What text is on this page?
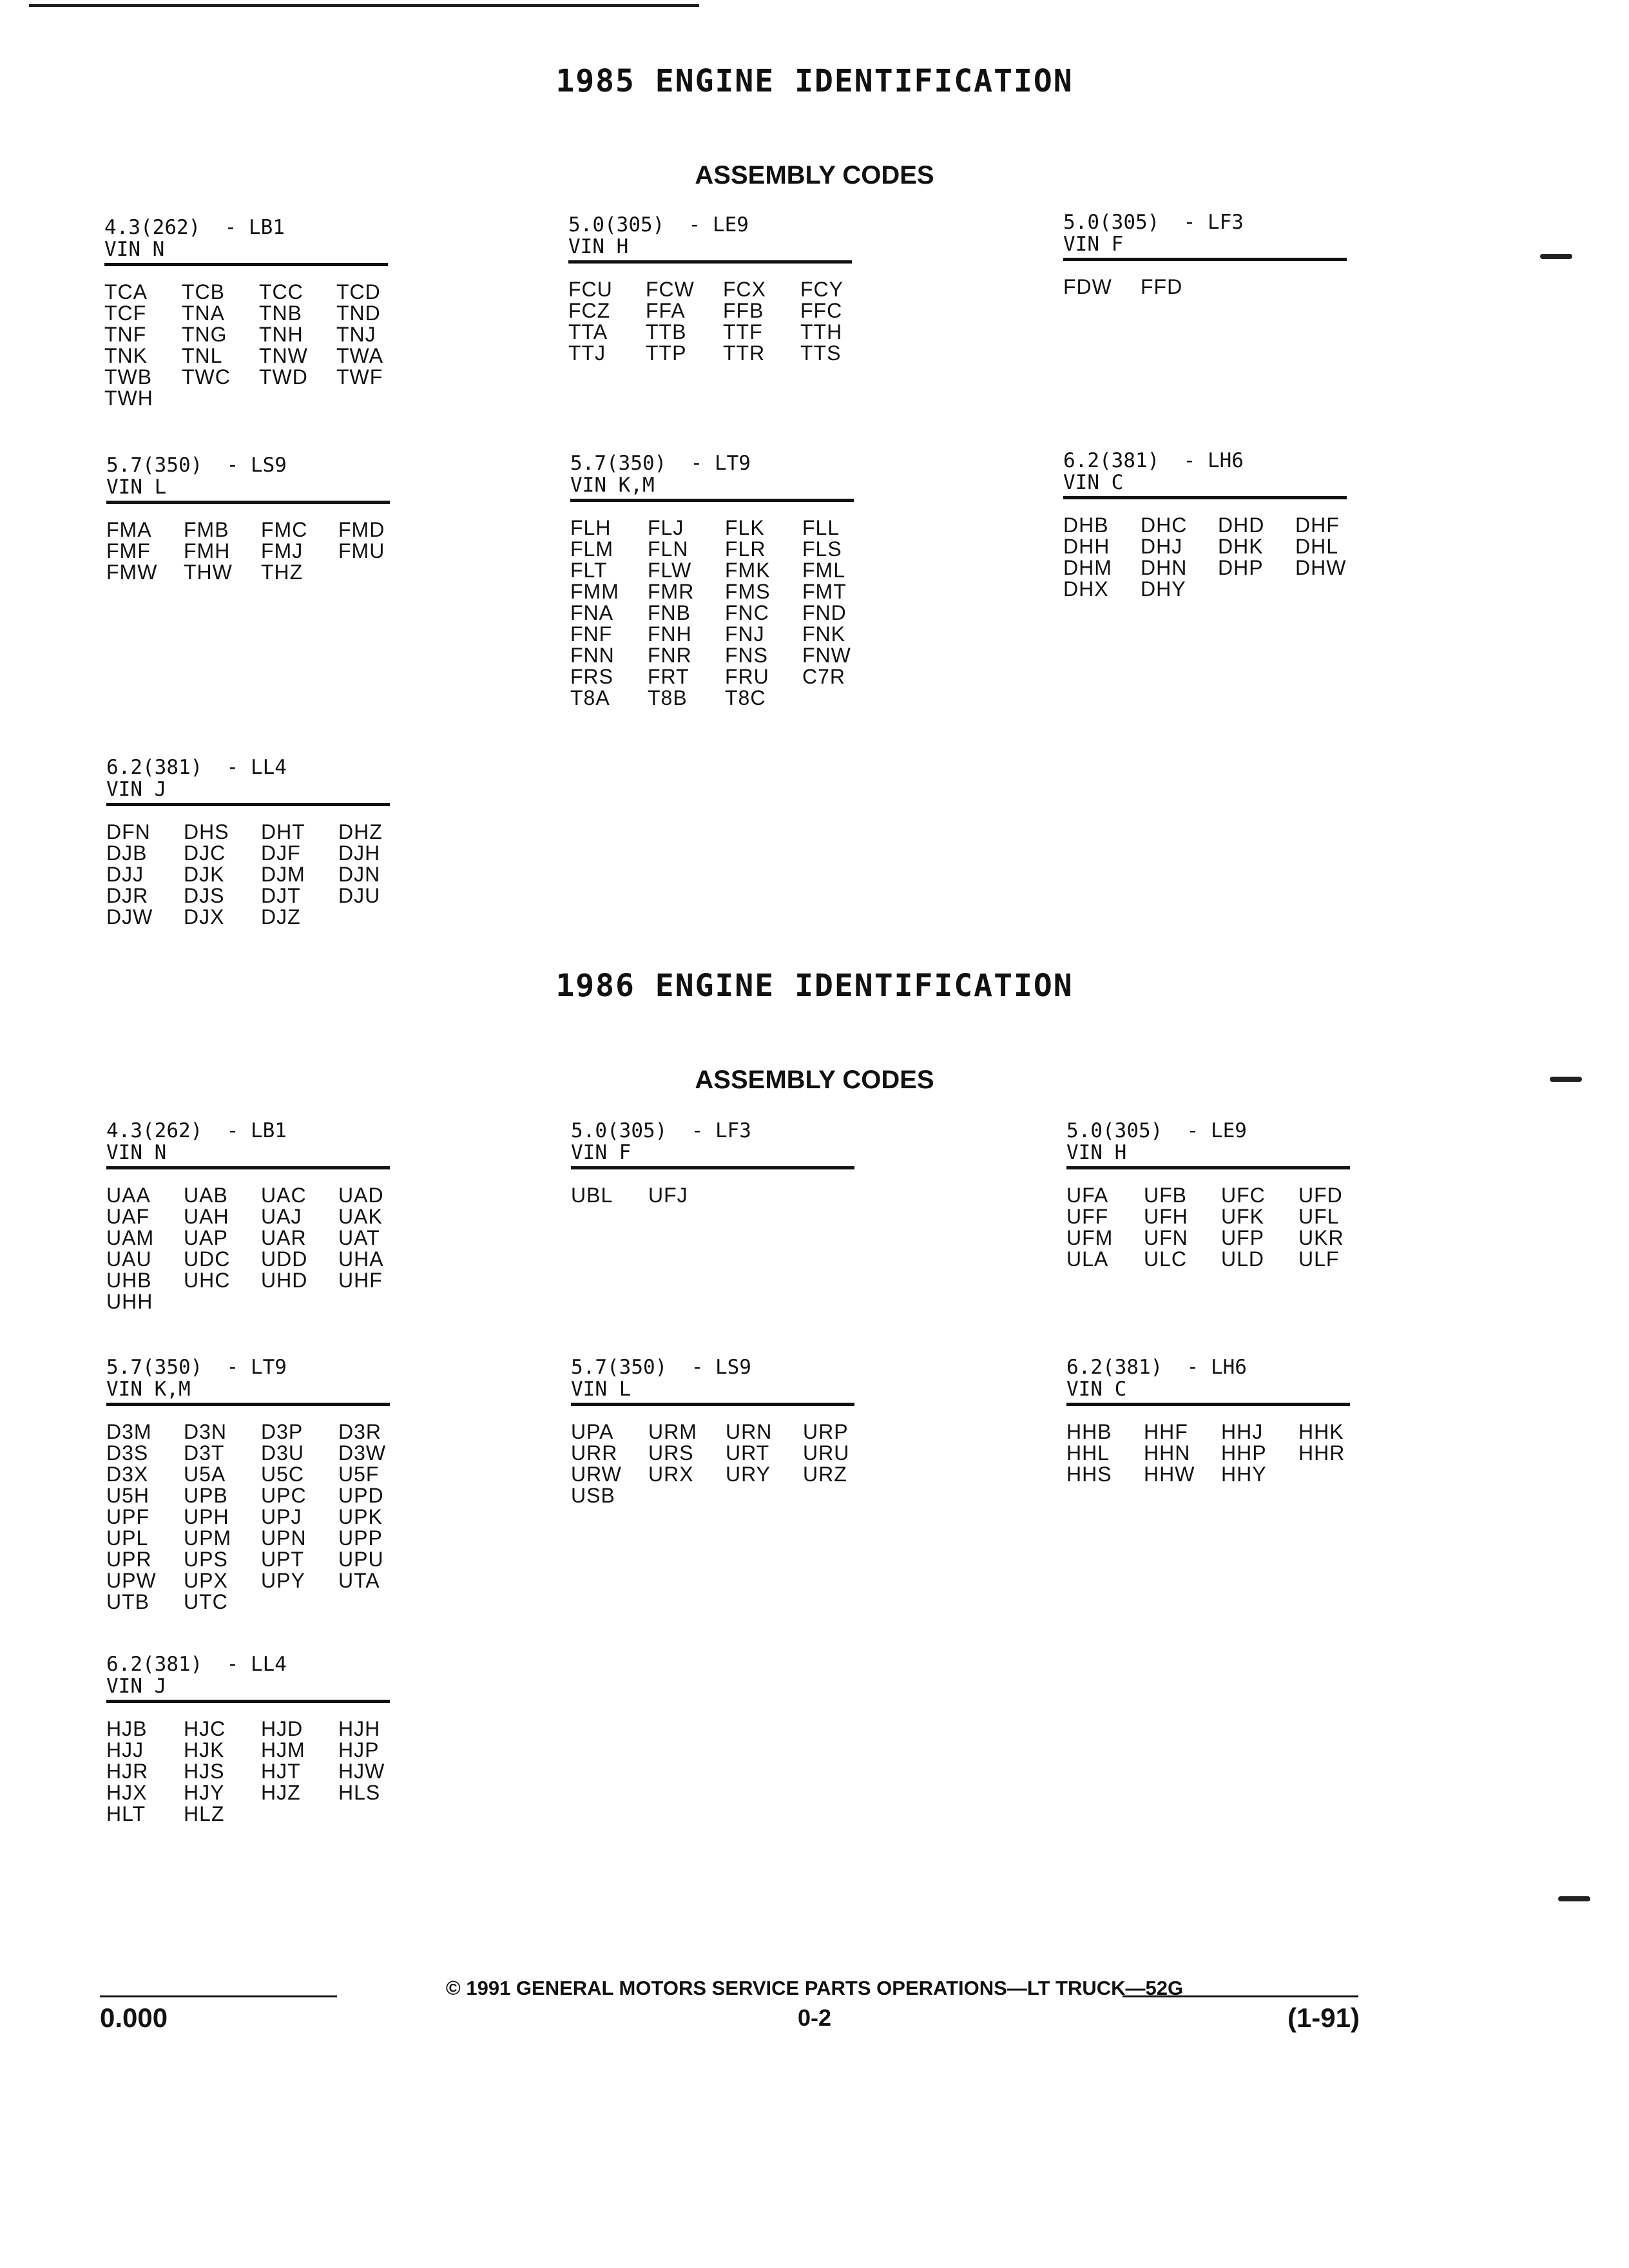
1985 ENGINE IDENTIFICATION
ASSEMBLY CODES
4.3(262)  - LB1
VIN N
TCA	TCB	TCC	TCD
TCF	TNA	TNB	TND
TNF	TNG	TNH	TNJ
TNK	TNL	TNW	TWA
TWB	TWC	TWD	TWF
TWH
5.0(305)  - LE9
VIN H
FCU	FCW	FCX	FCY
FCZ	FFA	FFB	FFC
TTA	TTB	TTF	TTH
TTJ	TTP	TTR	TTS
5.0(305)  - LF3
VIN F
FDW	FFD
5.7(350)  - LS9
VIN L
FMA	FMB	FMC	FMD
FMF	FMH	FMJ	FMU
FMW	THW	THZ
5.7(350)  - LT9
VIN K,M
FLH	FLJ	FLK	FLL
FLM	FLN	FLR	FLS
FLT	FLW	FMK	FML
FMM	FMR	FMS	FMT
FNA	FNB	FNC	FND
FNF	FNH	FNJ	FNK
FNN	FNR	FNS	FNW
FRS	FRT	FRU	C7R
T8A	T8B	T8C
6.2(381)  - LH6
VIN C
DHB	DHC	DHD	DHF
DHH	DHJ	DHK	DHL
DHM	DHN	DHP	DHW
DHX	DHY
6.2(381)  - LL4
VIN J
DFN	DHS	DHT	DHZ
DJB	DJC	DJF	DJH
DJJ	DJK	DJM	DJN
DJR	DJS	DJT	DJU
DJW	DJX	DJZ
1986 ENGINE IDENTIFICATION
ASSEMBLY CODES
4.3(262)  - LB1
VIN N
UAA	UAB	UAC	UAD
UAF	UAH	UAJ	UAK
UAM	UAP	UAR	UAT
UAU	UDC	UDD	UHA
UHB	UHC	UHD	UHF
UHH
5.0(305)  - LF3
VIN F
UBL	UFJ
5.0(305)  - LE9
VIN H
UFA	UFB	UFC	UFD
UFF	UFH	UFK	UFL
UFM	UFN	UFP	UKR
ULA	ULC	ULD	ULF
5.7(350)  - LT9
VIN K,M
D3M	D3N	D3P	D3R
D3S	D3T	D3U	D3W
D3X	U5A	U5C	U5F
U5H	UPB	UPC	UPD
UPF	UPH	UPJ	UPK
UPL	UPM	UPN	UPP
UPR	UPS	UPT	UPU
UPW	UPX	UPY	UTA
UTB	UTC
5.7(350)  - LS9
VIN L
UPA	URM	URN	URP
URR	URS	URT	URU
URW	URX	URY	URZ
USB
6.2(381)  - LH6
VIN C
HHB	HHF	HHJ	HHK
HHL	HHN	HHP	HHR
HHS	HHW	HHY
6.2(381)  - LL4
VIN J
HJB	HJC	HJD	HJH
HJJ	HJK	HJM	HJP
HJR	HJS	HJT	HJW
HJX	HJY	HJZ	HLS
HLT	HLZ
© 1991 GENERAL MOTORS SERVICE PARTS OPERATIONS—LT TRUCK—52G
0.000	0-2	(1-91)
